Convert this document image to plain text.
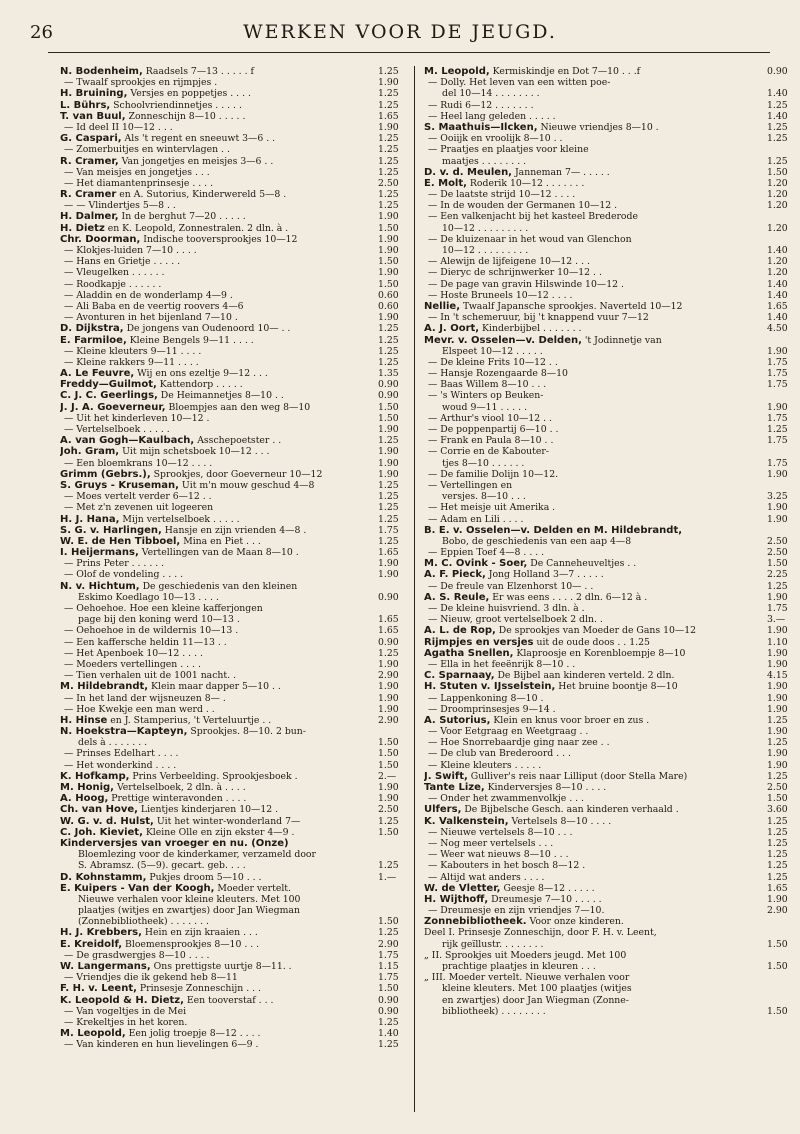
26	WERKEN VOOR DE JEUGD.
N. Bodenheim, Raadsels 7—13 . . . . . f
— Twaalf sprookjes en rijmpjes .
H. Bruining, Versjes en poppetjes . . . .
L. Bührs, Schoolvriendinnetjes . . . . .
T. van Buul, Zonneschijn 8—10 . . . . .
— Id deel II 10—12 . . .
G. Caspari, Als 't regent en sneeuwt 3—6 . .
— Zomerbuitjes en wintervlagen . .
R. Cramer, Van jongetjes en meisjes 3—6 . .
— Van meisjes en jongetjes . . .
— Het diamantenprinsesje . . . .
R. Cramer en A. Sutorius, Kinderwereld 5—8 .
— — Vlindertjes 5—8 . .
H. Dalmer, In de berghut 7—20 . . . . .
H. Dietz en K. Leopold, Zonnestralen. 2 dln. à .
Chr. Doorman, Indische tooversprookjes 10—12
— Klokjes-luiden 7—10 . . . .
— Hans en Grietje . . . . .
— Vleugelken . . . . . .
— Roodkapje . . . . . .
— Aladdin en de wonderlamp 4—9 .
— Ali Baba en de veertig roovers 4—6
— Avonturen in het bijenland 7—10 .
D. Dijkstra, De jongens van Oudenoord 10— . .
E. Farmiloe, Kleine Bengels 9—11 . . . .
— Kleine kleuters 9—11 . . . .
— Kleine rakkers 9—11 . . . .
A. Le Feuvre, Wij en ons ezeltje 9—12 . . .
Freddy—Guilmot, Kattendorp . . . . .
C. J. C. Geerlings, De Heimannetjes 8—10 . .
J. J. A. Goeverneur, Bloempjes aan den weg 8—10
— Uit het kinderleven 10—12 .
— Vertelselboek . . . . .
A. van Gogh—Kaulbach, Asschepoetster . .
Joh. Gram, Uit mijn schetsboek 10—12 . . .
— Een bloemkrans 10—12 . . . .
Grimm (Gebrs.), Sprookjes, door Goeverneur 10—12
S. Gruys - Kruseman, Uit m'n mouw geschud 4—8
— Moes vertelt verder 6—12 . .
— Met z'n zevenen uit logeeren
H. J. Hana, Mijn vertelselboek . . . . .
S. G. v. Harlingen, Hansje en zijn vrienden 4—8 .
W. E. de Hen Tibboel, Mina en Piet . . .
I. Heijermans, Vertellingen van de Maan 8—10 .
— Prins Peter . . . . . .
— Olof de vondeling . . . .
N. v. Hichtum, De geschiedenis van den kleinen
Eskimo Koedlago 10—13 . . . .
— Oehoehoe. Hoe een kleine kafferjongen
page bij den koning werd 10—13 .
— Oehoehoe in de wildernis 10—13 .
— Een kaffersche heldin 11—13 . .
— Het Apenboek 10—12 . . . .
— Moeders vertellingen . . . .
— Tien verhalen uit de 1001 nacht. .
M. Hildebrandt, Klein maar dapper 5—10 . .
— In het land der wijsneuzen 8— .
— Hoe Kwekje een man werd . .
H. Hinse en J. Stamperius, 't Verteluurtje . .
N. Hoekstra—Kapteyn, Sprookjes. 8—10. 2 bun-
dels à . . . . . . .
— Prinses Edelhart . . . .
— Het wonderkind . . . .
K. Hofkamp, Prins Verbeelding. Sprookjesboek .
M. Honig, Vertelselboek, 2 dln. à . . . .
A. Hoog, Prettige winteravonden . . . .
Ch. van Hove, Lientjes kinderjaren 10—12 .
W. G. v. d. Hulst, Uit het winter-wonderland 7—
C. Joh. Kieviet, Kleine Olle en zijn ekster 4—9 .
Kinderversjes van vroeger en nu. (Onze)
Bloemlezing voor de kinderkamer, verzameld door
S. Abramsz. (5—9). gecart. geb. . . .
D. Kohnstamm, Pukjes droom 5—10 . . .
E. Kuipers - Van der Koogh, Moeder vertelt.
Nieuwe verhalen voor kleine kleuters. Met 100
plaatjes (witjes en zwartjes) door Jan Wiegman
(Zonnebibliotheek) . . . . . . .
H. J. Krebbers, Hein en zijn kraaien . . .
E. Kreidolf, Bloemensprookjes 8—10 . . .
— De grasdwergjes 8—10 . . . .
W. Langermans, Ons prettigste uurtje 8—11. .
— Vriendjes die ik gekend heb 8—11
F. H. v. Leent, Prinsesje Zonneschijn . . .
K. Leopold & H. Dietz, Een tooverstaf . . .
— Van vogeltjes in de Mei
— Krekeltjes in het koren.
M. Leopold, Een jolig troepje 8—12 . . . .
— Van kinderen en hun lievelingen 6—9 .
1.25
1.90
1.25
1.25
1.65
1.90
1.25
1.25
1.25
1.25
2.50
1.25
1.25
1.90
1.50
1.90
1.90
1.50
1.90
1.50
0.60
0.60
1.90
1.25
1.25
1.25
1.25
1.35
0.90
0.90
1.50
1.50
1.90
1.25
1.90
1.90
1.90
1.25
1.25
1.25
1.25
1.75
1.25
1.65
1.90
1.90
0.90
1.65
1.65
0.90
1.25
1.90
2.90
1.90
1.90
1.90
2.90
1.50
1.50
1.50
2.—
1.90
1.90
2.50
1.25
1.50
1.25
1.—
1.50
1.25
2.90
1.75
1.15
1.75
1.50
0.90
0.90
1.25
1.40
1.25
M. Leopold, Kermiskindje en Dot 7—10 . . .f
— Dolly. Het leven van een witten poe-
del 10—14 . . . . . . . .
— Rudi 6—12 . . . . . . .
— Heel lang geleden . . . . .
S. Maathuis—Ilcken, Nieuwe vriendjes 8—10 .
— Ooiijk en vroolijk 8—10 . .
— Praatjes en plaatjes voor kleine
maatjes . . . . . . . .
D. v. d. Meulen, Janneman 7— . . . . .
E. Molt, Roderik 10—12 . . . . . . .
— De laatste strijd 10—12 . . . .
— In de wouden der Germanen 10—12 .
— Een valkenjacht bij het kasteel Brederode
10—12 . . . . . . . . .
— De kluizenaar in het woud van Glenchon
10—12 . . . . . . . . .
— Alewijn de lijfeigene 10—12 . . .
— Dieryc de schrijnwerker 10—12 . .
— De page van gravin Hilswinde 10—12 .
— Hoste Bruneels 10—12 . . . .
Nellie, Twaalf Japansche sprookjes. Naverteld 10—12
— In 't schemeruur, bij 't knappend vuur 7—12
A. J. Oort, Kinderbijbel . . . . . . .
Mevr. v. Osselen—v. Delden, 't Jodinnetje van
Elspeet 10—12 . . . . .
— De kleine Frits 10—12 . .
— Hansje Rozengaarde 8—10
— Baas Willem 8—10 . . .
— 's Winters op Beuken-
woud 9—11 . . . . .
— Arthur's viool 10—12 . .
— De poppenpartij 6—10 . .
— Frank en Paula 8—10 . .
— Corrie en de Kabouter-
tjes 8—10 . . . . . .
— De familie Dolijn 10—12.
— Vertellingen en
versjes. 8—10 . . .
— Het meisje uit Amerika .
— Adam en Lili . . . .
B. E. v. Osselen—v. Delden en M. Hildebrandt,
Bobo, de geschiedenis van een aap 4—8
— Eppien Toef 4—8 . . . .
M. C. Ovink - Soer, De Canneheuveltjes . .
A. F. Pieck, Jong Holland 3—7 . . . . .
— De freule van Elzenhorst 10— . .
A. S. Reule, Er was eens . . . . 2 dln. 6—12 à .
— De kleine huisvriend. 3 dln. à .
— Nieuw, groot vertelselboek 2 dln. .
A. L. de Rop, De sprookjes van Moeder de Gans 10—12
Rijmpjes en versjes uit de oude doos . . 1.25
Agatha Snellen, Klaproosje en Korenbloempje 8—10
— Ella in het feeënrijk 8—10 . .
C. Sparnaay, De Bijbel aan kinderen verteld. 2 dln.
H. Stuten v. IJsselstein, Het bruine boontje 8—10
— Lappenkoning 8—10 .
— Droomprinsesjes 9—14 .
A. Sutorius, Klein en knus voor broer en zus .
— Voor Eetgraag en Weetgraag . .
— Hoe Snorrebaardje ging naar zee . .
— De club van Brederoord . . .
— Kleine kleuters . . . . .
J. Swift, Gulliver's reis naar Lilliput (door Stella Mare)
Tante Lize, Kinderversjes 8—10 . . . .
— Onder het zwammenvolkje . . .
Ulfers, De Bijbelsche Gesch. aan kinderen verhaald .
K. Valkenstein, Vertelsels 8—10 . . . .
— Nieuwe vertelsels 8—10 . . .
— Nog meer vertelsels . . .
— Weer wat nieuws 8—10 . . .
— Kabouters in het bosch 8—12 .
— Altijd wat anders . . . .
W. de Vletter, Geesje 8—12 . . . . .
H. Wijthoff, Dreumesje 7—10 . . . . .
— Dreumesje en zijn vriendjes 7—10.
Zonnebibliotheek. Voor onze kinderen.
Deel I. Prinsesje Zonneschijn, door F. H. v. Leent,
rijk geïllustr. . . . . . . .
„ II. Sprookjes uit Moeders jeugd. Met 100
prachtige plaatjes in kleuren . . .
„ III. Moeder vertelt. Nieuwe verhalen voor
kleine kleuters. Met 100 plaatjes (witjes
en zwartjes) door Jan Wiegman (Zonne-
bibliotheek) . . . . . . . .
0.90
1.40
1.25
1.40
1.25
1.25
1.25
1.50
1.20
1.20
1.20
1.20
1.40
1.20
1.20
1.40
1.40
1.65
1.40
4.50
1.90
1.75
1.75
1.75
1.90
1.75
1.25
1.75
1.75
1.90
3.25
1.90
1.90
2.50
2.50
1.50
2.25
1.25
1.90
1.75
3.—
1.90
1.10
1.90
1.90
4.15
1.90
1.90
1.90
1.25
1.90
1.25
1.90
1.90
1.25
2.50
1.50
3.60
1.25
1.25
1.25
1.25
1.25
1.25
1.65
1.90
2.90
1.50
1.50
1.50
